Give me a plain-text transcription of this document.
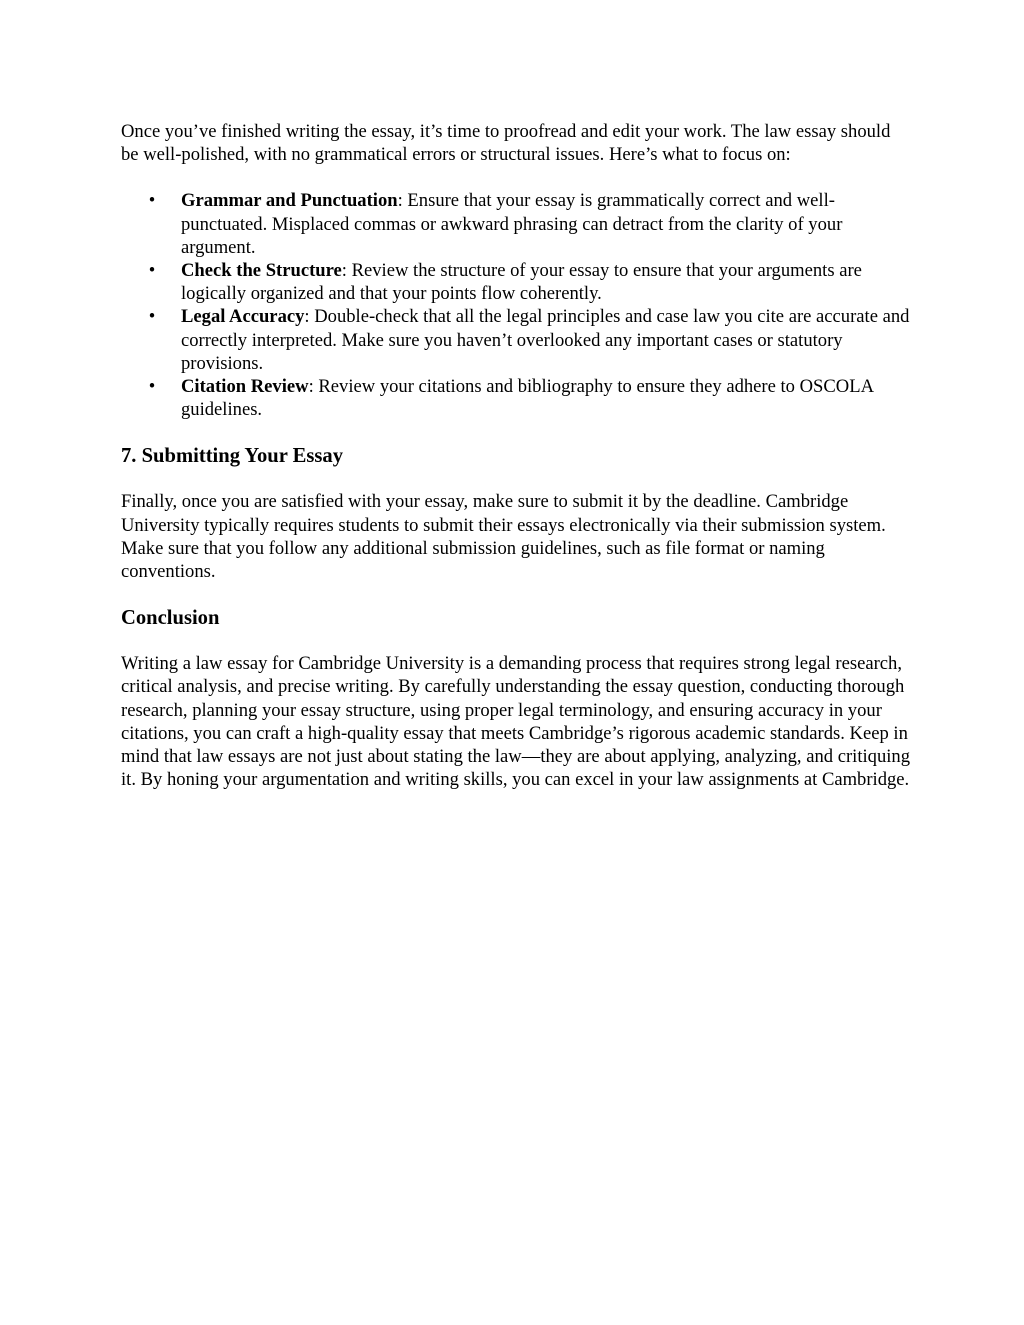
Once you’ve finished writing the essay, it’s time to proofread and edit your work. The law essay should be well-polished, with no grammatical errors or structural issues. Here’s what to focus on:

• Grammar and Punctuation: Ensure that your essay is grammatically correct and well-punctuated. Misplaced commas or awkward phrasing can detract from the clarity of your argument.
• Check the Structure: Review the structure of your essay to ensure that your arguments are logically organized and that your points flow coherently.
• Legal Accuracy: Double-check that all the legal principles and case law you cite are accurate and correctly interpreted. Make sure you haven’t overlooked any important cases or statutory provisions.
• Citation Review: Review your citations and bibliography to ensure they adhere to OSCOLA guidelines.
7. Submitting Your Essay

Finally, once you are satisfied with your essay, make sure to submit it by the deadline. Cambridge University typically requires students to submit their essays electronically via their submission system. Make sure that you follow any additional submission guidelines, such as file format or naming conventions.

Conclusion

Writing a law essay for Cambridge University is a demanding process that requires strong legal research, critical analysis, and precise writing. By carefully understanding the essay question, conducting thorough research, planning your essay structure, using proper legal terminology, and ensuring accuracy in your citations, you can craft a high-quality essay that meets Cambridge’s rigorous academic standards. Keep in mind that law essays are not just about stating the law—they are about applying, analyzing, and critiquing it. By honing your argumentation and writing skills, you can excel in your law assignments at Cambridge.
